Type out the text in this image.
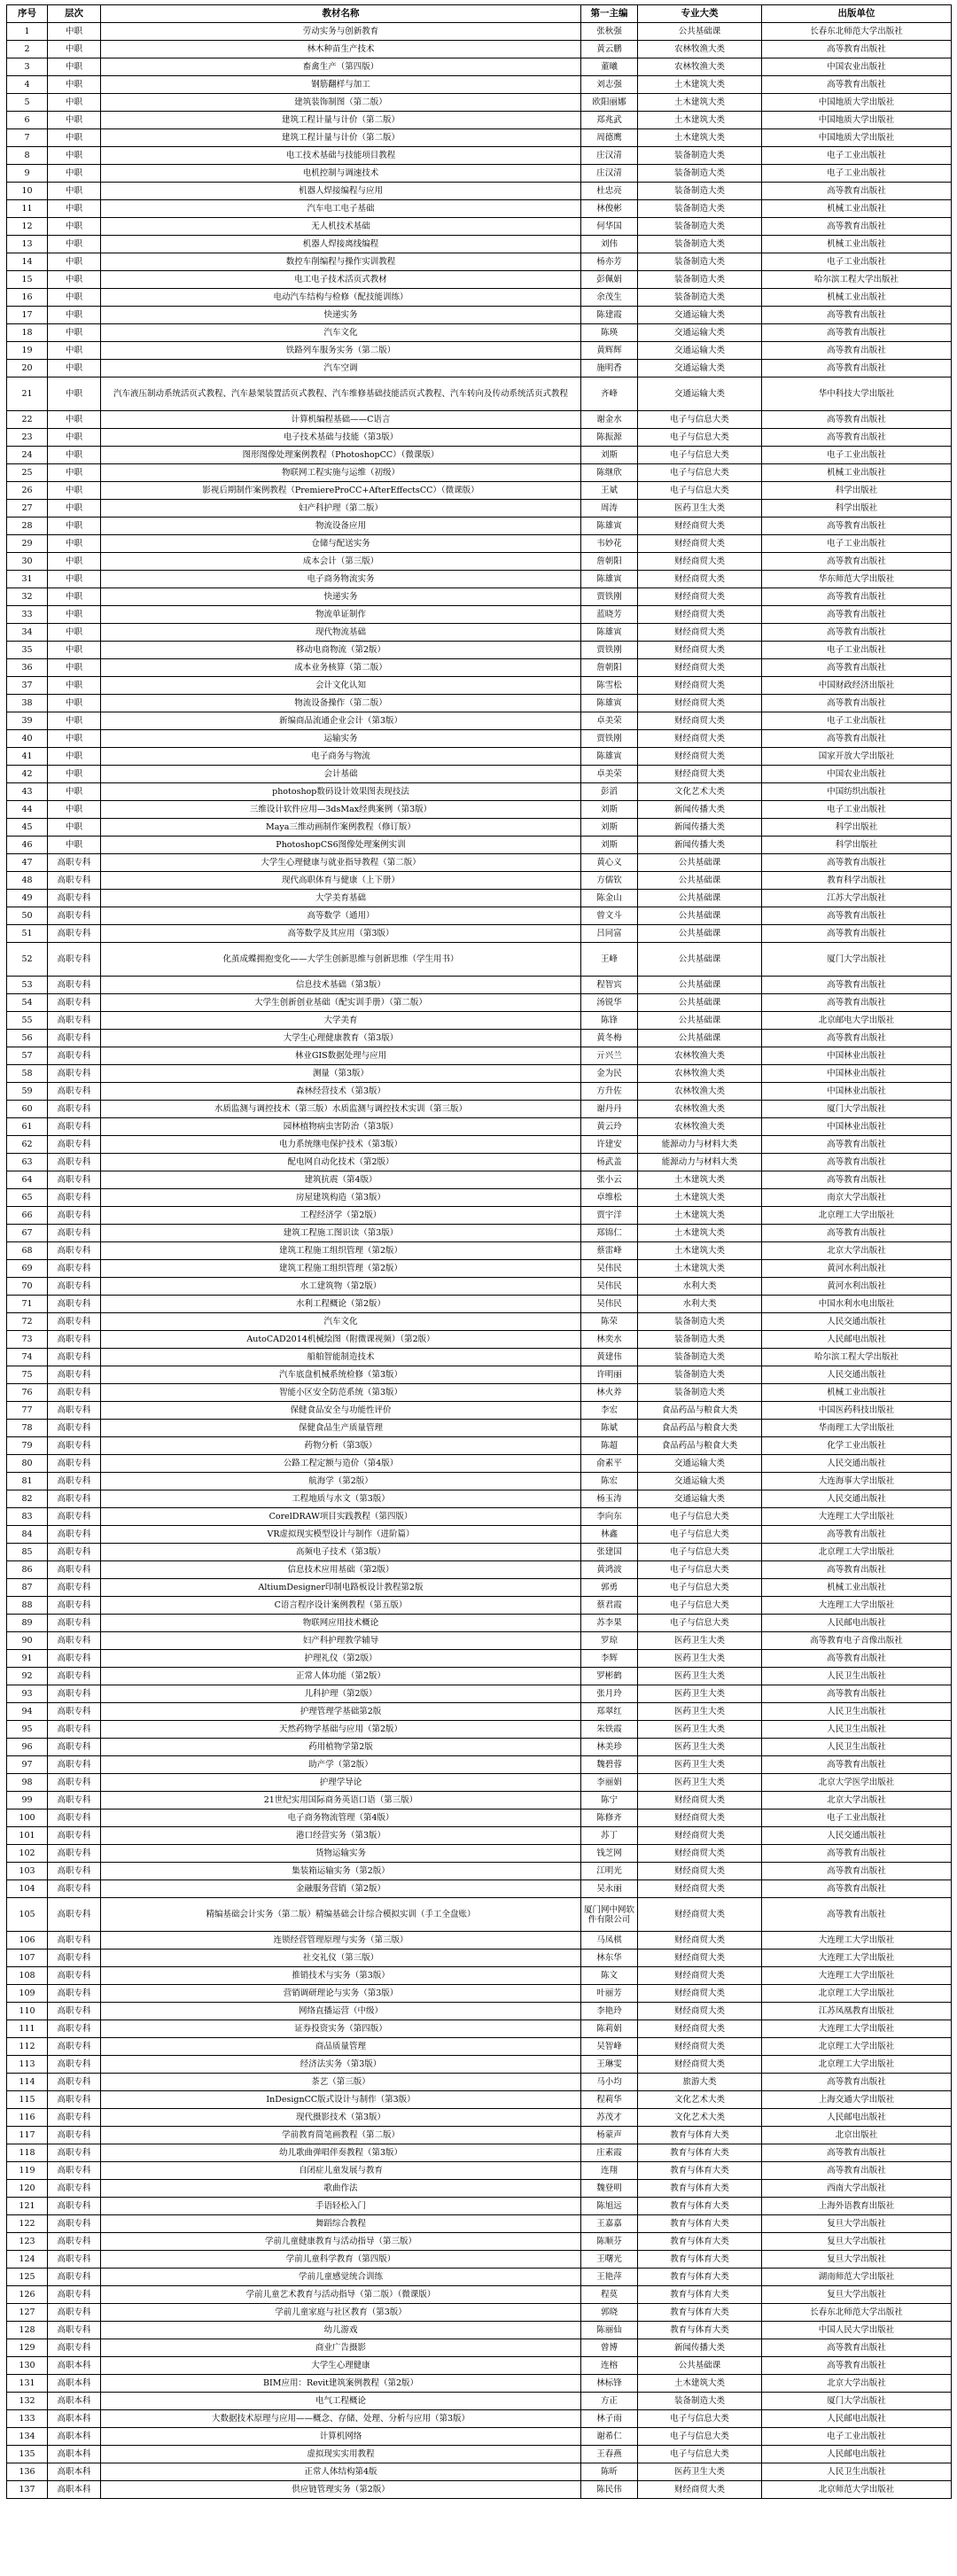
序号	层次	教材名称	第一主编	专业大类	出版单位
1	中职	劳动实务与创新教育	张秋强	公共基础课	长春东北师范大学出版社
2	中职	林木种苗生产技术	黄云鹏	农林牧渔大类	高等教育出版社
3	中职	畜禽生产（第四版）	董曦	农林牧渔大类	中国农业出版社
4	中职	钢筋翻样与加工	刘志强	土木建筑大类	高等教育出版社
5	中职	建筑装饰制图（第二版）	欧阳丽娜	土木建筑大类	中国地质大学出版社
6	中职	建筑工程计量与计价（第二版）	郑兆武	土木建筑大类	中国地质大学出版社
7	中职	建筑工程计量与计价（第二版）	周德鹰	土木建筑大类	中国地质大学出版社
8	中职	电工技术基础与技能项目教程	庄汉清	装备制造大类	电子工业出版社
9	中职	电机控制与调速技术	庄汉清	装备制造大类	电子工业出版社
10	中职	机器人焊接编程与应用	杜忠亮	装备制造大类	高等教育出版社
11	中职	汽车电工电子基础	林俊彬	装备制造大类	机械工业出版社
12	中职	无人机技术基础	何华国	装备制造大类	高等教育出版社
13	中职	机器人焊接离线编程	刘伟	装备制造大类	机械工业出版社
14	中职	数控车削编程与操作实训教程	杨亦芳	装备制造大类	电子工业出版社
15	中职	电工电子技术活页式教材	彭佩娟	装备制造大类	哈尔滨工程大学出版社
16	中职	电动汽车结构与检修（配技能训练）	余茂生	装备制造大类	机械工业出版社
17	中职	快递实务	陈建霞	交通运输大类	高等教育出版社
18	中职	汽车文化	陈瑛	交通运输大类	高等教育出版社
19	中职	铁路列车服务实务（第二版）	黄辉辉	交通运输大类	高等教育出版社
20	中职	汽车空调	施明香	交通运输大类	高等教育出版社
21	中职	汽车液压制动系统活页式教程、汽车悬架装置活页式教程、汽车维修基础技能活页式教程、汽车转向及传动系统活页式教程	齐峰	交通运输大类	华中科技大学出版社
22	中职	计算机编程基础——C语言	谢金水	电子与信息大类	高等教育出版社
23	中职	电子技术基础与技能（第3版）	陈振源	电子与信息大类	高等教育出版社
24	中职	图形图像处理案例教程（PhotoshopCC）（微课版）	刘斯	电子与信息大类	电子工业出版社
25	中职	物联网工程实施与运维（初级）	陈继欣	电子与信息大类	机械工业出版社
26	中职	影视后期制作案例教程（PremiereProCC+AfterEffectsCC）（微课版）	王斌	电子与信息大类	科学出版社
27	中职	妇产科护理（第二版）	周涛	医药卫生大类	科学出版社
28	中职	物流设备应用	陈雄寅	财经商贸大类	高等教育出版社
29	中职	仓储与配送实务	韦妙花	财经商贸大类	电子工业出版社
30	中职	成本会计（第三版）	詹朝阳	财经商贸大类	高等教育出版社
31	中职	电子商务物流实务	陈雄寅	财经商贸大类	华东师范大学出版社
32	中职	快递实务	贾铁刚	财经商贸大类	高等教育出版社
33	中职	物流单证制作	蓝晓芳	财经商贸大类	高等教育出版社
34	中职	现代物流基础	陈雄寅	财经商贸大类	高等教育出版社
35	中职	移动电商物流（第2版）	贾铁刚	财经商贸大类	电子工业出版社
36	中职	成本业务核算（第二版）	詹朝阳	财经商贸大类	高等教育出版社
37	中职	会计文化认知	陈雪松	财经商贸大类	中国财政经济出版社
38	中职	物流设备操作（第二版）	陈雄寅	财经商贸大类	高等教育出版社
39	中职	新编商品流通企业会计（第3版）	卓美荣	财经商贸大类	电子工业出版社
40	中职	运输实务	贾铁刚	财经商贸大类	高等教育出版社
41	中职	电子商务与物流	陈雄寅	财经商贸大类	国家开放大学出版社
42	中职	会计基础	卓美荣	财经商贸大类	中国农业出版社
43	中职	photoshop数码设计效果图表现技法	彭滔	文化艺术大类	中国纺织出版社
44	中职	三维设计软件应用—3dsMax经典案例（第3版）	刘斯	新闻传播大类	电子工业出版社
45	中职	Maya三维动画制作案例教程（修订版）	刘斯	新闻传播大类	科学出版社
46	中职	PhotoshopCS6图像处理案例实训	刘斯	新闻传播大类	科学出版社
47	高职专科	大学生心理健康与就业指导教程（第二版）	黄心义	公共基础课	高等教育出版社
48	高职专科	现代高职体育与健康（上下册）	方儒钦	公共基础课	教育科学出版社
49	高职专科	大学美育基础	陈金山	公共基础课	江苏大学出版社
50	高职专科	高等数学（通用）	曾文斗	公共基础课	高等教育出版社
51	高职专科	高等数学及其应用（第3版）	吕同富	公共基础课	高等教育出版社
52	高职专科	化茧成蝶拥抱变化——大学生创新思维与创新思维（学生用书）	王峰	公共基础课	厦门大学出版社
53	高职专科	信息技术基础（第3版）	程智宾	公共基础课	高等教育出版社
54	高职专科	大学生创新创业基础（配实训手册）（第二版）	汤锐华	公共基础课	高等教育出版社
55	高职专科	大学美育	陈锋	公共基础课	北京邮电大学出版社
56	高职专科	大学生心理健康教育（第3版）	黄冬梅	公共基础课	高等教育出版社
57	高职专科	林业GIS数据处理与应用	亓兴兰	农林牧渔大类	中国林业出版社
58	高职专科	测量（第3版）	金为民	农林牧渔大类	中国林业出版社
59	高职专科	森林经营技术（第3版）	方升佐	农林牧渔大类	中国林业出版社
60	高职专科	水质监测与调控技术（第三版）水质监测与调控技术实训（第三版）	谢丹丹	农林牧渔大类	厦门大学出版社
61	高职专科	园林植物病虫害防治（第3版）	黄云玲	农林牧渔大类	中国林业出版社
62	高职专科	电力系统继电保护技术（第3版）	许建安	能源动力与材料大类	高等教育出版社
63	高职专科	配电网自动化技术（第2版）	杨武盖	能源动力与材料大类	高等教育出版社
64	高职专科	建筑抗震（第4版）	张小云	土木建筑大类	高等教育出版社
65	高职专科	房屋建筑构造（第3版）	卓维松	土木建筑大类	南京大学出版社
66	高职专科	工程经济学（第2版）	贾宇洋	土木建筑大类	北京理工大学出版社
67	高职专科	建筑工程施工图识读（第3版）	郑锦仁	土木建筑大类	高等教育出版社
68	高职专科	建筑工程施工组织管理（第2版）	蔡雷峰	土木建筑大类	北京大学出版社
69	高职专科	建筑工程施工组织管理（第2版）	吴伟民	土木建筑大类	黄河水利出版社
70	高职专科	水工建筑物（第2版）	吴伟民	水利大类	黄河水利出版社
71	高职专科	水利工程概论（第2版）	吴伟民	水利大类	中国水利水电出版社
72	高职专科	汽车文化	陈荣	装备制造大类	人民交通出版社
73	高职专科	AutoCAD2014机械绘图（附微课视频）（第2版）	林奕水	装备制造大类	人民邮电出版社
74	高职专科	船舶智能制造技术	黄建伟	装备制造大类	哈尔滨工程大学出版社
75	高职专科	汽车底盘机械系统检修（第3版）	许明丽	装备制造大类	人民交通出版社
76	高职专科	智能小区安全防范系统（第3版）	林火养	装备制造大类	机械工业出版社
77	高职专科	保健食品安全与功能性评价	李宏	食品药品与粮食大类	中国医药科技出版社
78	高职专科	保健食品生产质量管理	陈斌	食品药品与粮食大类	华南理工大学出版社
79	高职专科	药物分析（第3版）	陈超	食品药品与粮食大类	化学工业出版社
80	高职专科	公路工程定额与造价（第4版）	俞素平	交通运输大类	人民交通出版社
81	高职专科	航海学（第2版）	陈宏	交通运输大类	大连海事大学出版社
82	高职专科	工程地质与水文（第3版）	杨玉涛	交通运输大类	人民交通出版社
83	高职专科	CorelDRAW项目实践教程（第四版）	李向东	电子与信息大类	大连理工大学出版社
84	高职专科	VR虚拟现实模型设计与制作（进阶篇）	林鑫	电子与信息大类	高等教育出版社
85	高职专科	高频电子技术（第3版）	张建国	电子与信息大类	北京理工大学出版社
86	高职专科	信息技术应用基础（第2版）	黄鸿波	电子与信息大类	高等教育出版社
87	高职专科	AltiumDesigner印制电路板设计教程第2版	郭勇	电子与信息大类	机械工业出版社
88	高职专科	C语言程序设计案例教程（第五版）	蔡君霞	电子与信息大类	大连理工大学出版社
89	高职专科	物联网应用技术概论	苏李果	电子与信息大类	人民邮电出版社
90	高职专科	妇产科护理教学辅导	罗琼	医药卫生大类	高等教育电子音像出版社
91	高职专科	护理礼仪（第2版）	李辉	医药卫生大类	高等教育出版社
92	高职专科	正常人体功能（第2版）	罗彬鹤	医药卫生大类	人民卫生出版社
93	高职专科	儿科护理（第2版）	张月玲	医药卫生大类	高等教育出版社
94	高职专科	护理管理学基础第2版	郑翠红	医药卫生大类	人民卫生出版社
95	高职专科	天然药物学基础与应用（第2版）	朱铁霞	医药卫生大类	人民卫生出版社
96	高职专科	药用植物学第2版	林美珍	医药卫生大类	人民卫生出版社
97	高职专科	助产学（第2版）	魏碧蓉	医药卫生大类	高等教育出版社
98	高职专科	护理学导论	李丽娟	医药卫生大类	北京大学医学出版社
99	高职专科	21世纪实用国际商务英语口语（第三版）	陈宁	财经商贸大类	北京大学出版社
100	高职专科	电子商务物流管理（第4版）	陈修齐	财经商贸大类	电子工业出版社
101	高职专科	港口经营实务（第3版）	苏丁	财经商贸大类	人民交通出版社
102	高职专科	货物运输实务	钱芝网	财经商贸大类	高等教育出版社
103	高职专科	集装箱运输实务（第2版）	江明光	财经商贸大类	高等教育出版社
104	高职专科	金融服务营销（第2版）	吴永丽	财经商贸大类	高等教育出版社
105	高职专科	精编基础会计实务（第二版）精编基础会计综合模拟实训（手工全盘账）	厦门网中网软件有限公司	财经商贸大类	高等教育出版社
106	高职专科	连锁经营管理原理与实务（第三版）	马凤棋	财经商贸大类	大连理工大学出版社
107	高职专科	社交礼仪（第三版）	林东华	财经商贸大类	大连理工大学出版社
108	高职专科	推销技术与实务（第3版）	陈文	财经商贸大类	大连理工大学出版社
109	高职专科	营销调研理论与实务（第3版）	叶丽芳	财经商贸大类	北京理工大学出版社
110	高职专科	网络直播运营（中级）	李艳玲	财经商贸大类	江苏凤凰教育出版社
111	高职专科	证券投资实务（第四版）	陈莉娟	财经商贸大类	大连理工大学出版社
112	高职专科	商品质量管理	吴智峰	财经商贸大类	北京理工大学出版社
113	高职专科	经济法实务（第3版）	王琳雯	财经商贸大类	北京理工大学出版社
114	高职专科	茶艺（第三版）	马小均	旅游大类	高等教育出版社
115	高职专科	InDesignCC版式设计与制作（第3版）	程莉华	文化艺术大类	上海交通大学出版社
116	高职专科	现代摄影技术（第3版）	苏茂才	文化艺术大类	人民邮电出版社
117	高职专科	学前教育简笔画教程（第二版）	杨蒙声	教育与体育大类	北京出版社
118	高职专科	幼儿歌曲弹唱伴奏教程（第3版）	庄素霞	教育与体育大类	高等教育出版社
119	高职专科	自闭症儿童发展与教育	连翔	教育与体育大类	高等教育出版社
120	高职专科	歌曲作法	魏登明	教育与体育大类	西南大学出版社
121	高职专科	手语轻松入门	陈旭远	教育与体育大类	上海外语教育出版社
122	高职专科	舞蹈综合教程	王嘉嘉	教育与体育大类	复旦大学出版社
123	高职专科	学前儿童健康教育与活动指导（第三版）	陈顺芬	教育与体育大类	复旦大学出版社
124	高职专科	学前儿童科学教育（第四版）	王曙光	教育与体育大类	复旦大学出版社
125	高职专科	学前儿童感觉统合训练	王艳萍	教育与体育大类	湖南师范大学出版社
126	高职专科	学前儿童艺术教育与活动指导（第二版）（微课版）	程莫	教育与体育大类	复旦大学出版社
127	高职专科	学前儿童家庭与社区教育（第3版）	郭晓	教育与体育大类	长春东北师范大学出版社
128	高职专科	幼儿游戏	陈丽仙	教育与体育大类	中国人民大学出版社
129	高职专科	商业广告摄影	曾博	新闻传播大类	高等教育出版社
130	高职本科	大学生心理健康	连榕	公共基础课	高等教育出版社
131	高职本科	BIM应用：Revit建筑案例教程（第2版）	林标锋	土木建筑大类	北京大学出版社
132	高职本科	电气工程概论	方正	装备制造大类	厦门大学出版社
133	高职本科	大数据技术原理与应用——概念、存储、处理、分析与应用（第3版）	林子雨	电子与信息大类	人民邮电出版社
134	高职本科	计算机网络	谢希仁	电子与信息大类	电子工业出版社
135	高职本科	虚拟现实实用教程	王春燕	电子与信息大类	人民邮电出版社
136	高职本科	正常人体结构第4版	陈昕	医药卫生大类	人民卫生出版社
137	高职本科	供应链管理实务（第2版）	陈民伟	财经商贸大类	北京师范大学出版社
